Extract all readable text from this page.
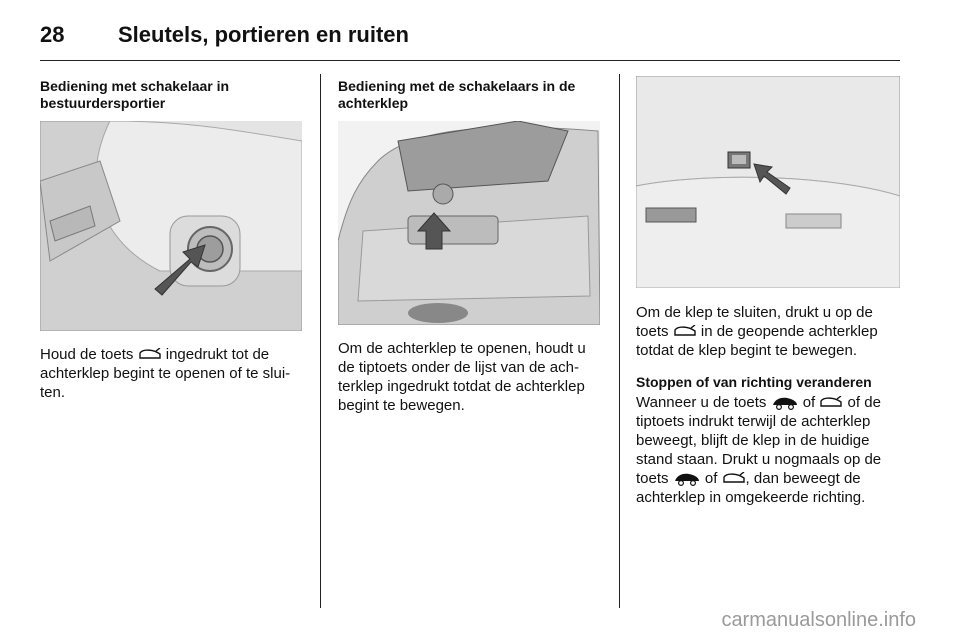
28 Sleutels, portieren en ruiten

Bediening met schakelaar in bestuurdersportier

Houd de toets  ingedrukt tot de achterklep begint te openen of te sluiten.

Bediening met de schakelaars in de achterklep

Om de achterklep te openen, houdt u de tiptoets onder de lijst van de achterklep ingedrukt totdat de achterklep begint te bewegen.

Om de klep te sluiten, drukt u op de toets  in de geopende achterklep totdat de klep begint te bewegen.

Stoppen of van richting veranderen

Wanneer u de toets  of  of de tiptoets indrukt terwijl de achterklep beweegt, blijft de klep in de huidige stand staan. Drukt u nogmaals op de toets  of , dan beweegt de achterklep in omgekeerde richting.

carmanualsonline.info
